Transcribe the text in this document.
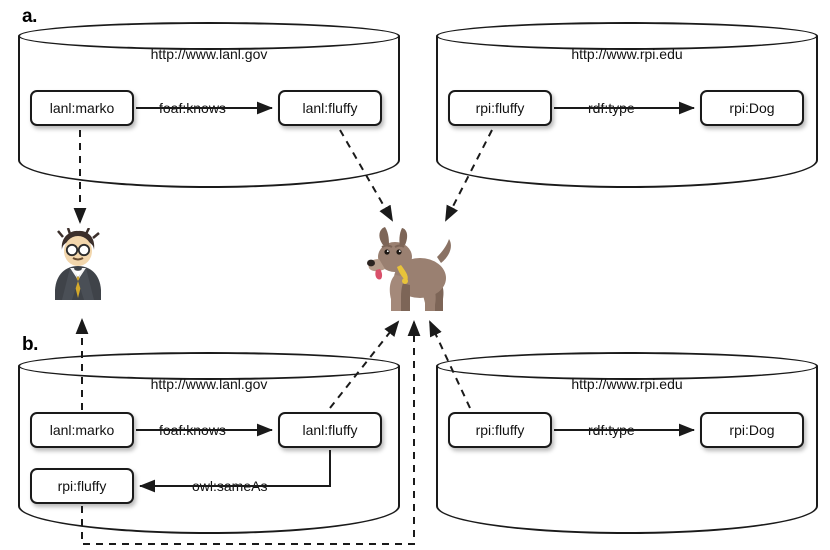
a.
http://www.lanl.gov
lanl:marko	lanl:fluffy
foaf:knows
http://www.rpi.edu
rpi:fluffy	rpi:Dog
rdf:type
b.
http://www.lanl.gov
lanl:marko	lanl:fluffy
rpi:fluffy
foaf:knows
owl:sameAs
http://www.rpi.edu
rpi:fluffy	rpi:Dog
rdf:type
